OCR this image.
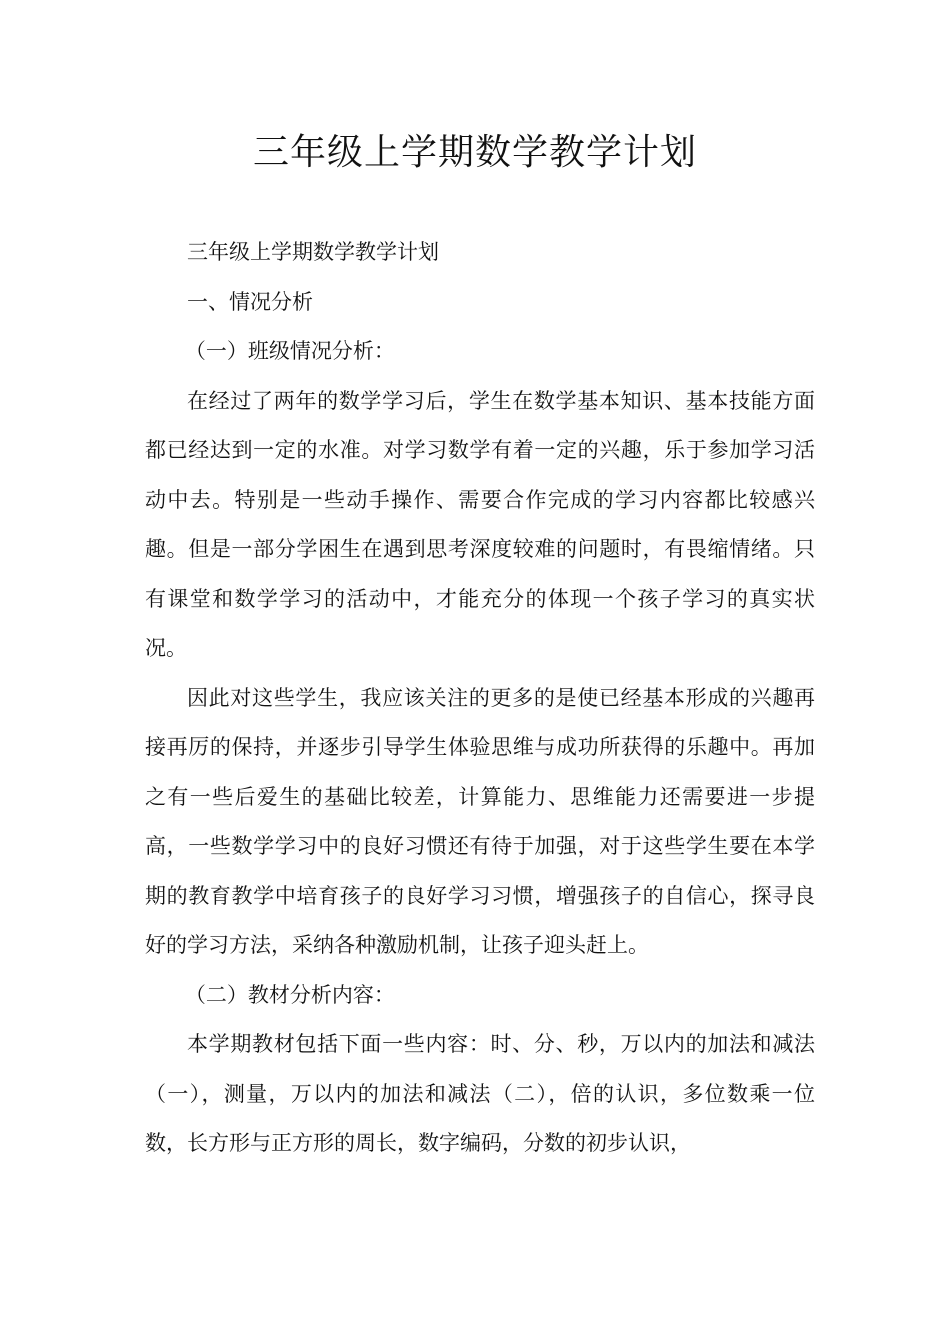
三年级上学期数学教学计划

三年级上学期数学教学计划

一、情况分析

（一）班级情况分析：

在经过了两年的数学学习后，学生在数学基本知识、基本技能方面都已经达到一定的水准。对学习数学有着一定的兴趣，乐于参加学习活动中去。特别是一些动手操作、需要合作完成的学习内容都比较感兴趣。但是一部分学困生在遇到思考深度较难的问题时，有畏缩情绪。只有课堂和数学学习的活动中，才能充分的体现一个孩子学习的真实状况。

因此对这些学生，我应该关注的更多的是使已经基本形成的兴趣再接再厉的保持，并逐步引导学生体验思维与成功所获得的乐趣中。再加之有一些后爱生的基础比较差，计算能力、思维能力还需要进一步提高，一些数学学习中的良好习惯还有待于加强，对于这些学生要在本学期的教育教学中培育孩子的良好学习习惯，增强孩子的自信心，探寻良好的学习方法，采纳各种激励机制，让孩子迎头赶上。

（二）教材分析内容：

本学期教材包括下面一些内容：时、分、秒，万以内的加法和减法（一），测量，万以内的加法和减法（二），倍的认识，多位数乘一位数，长方形与正方形的周长，数字编码，分数的初步认识，
